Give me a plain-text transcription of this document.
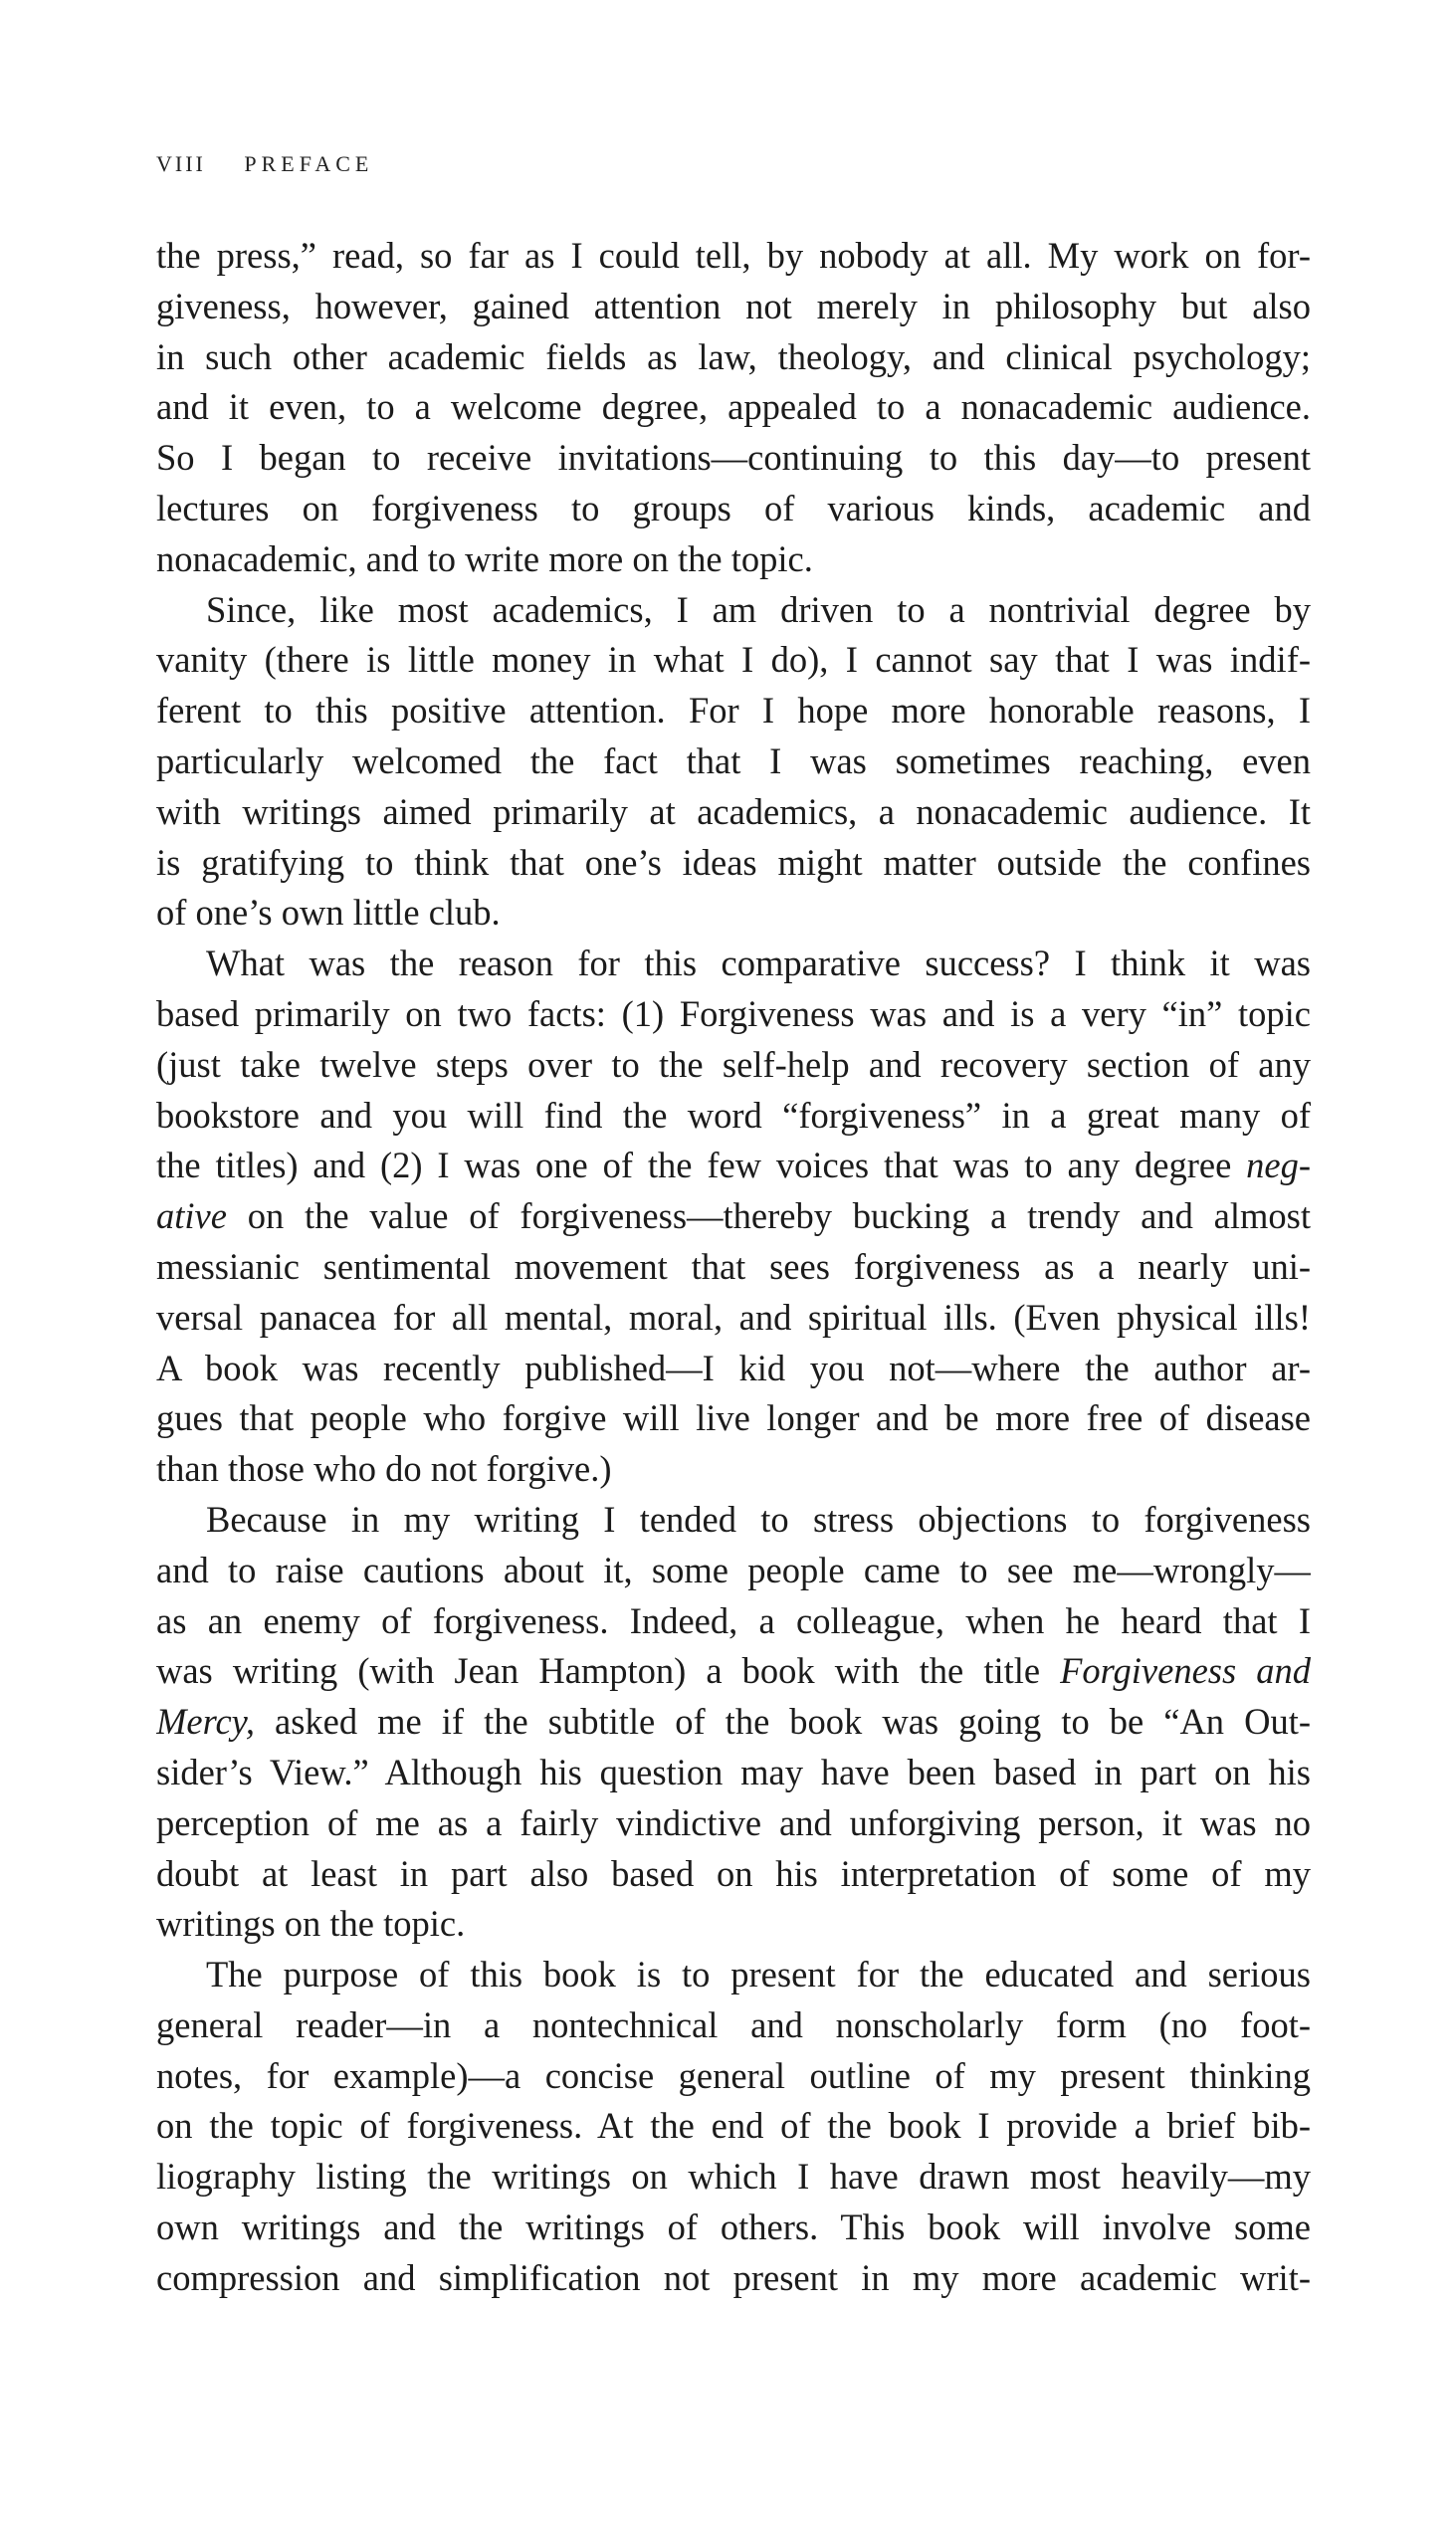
VIII PREFACE
the press,” read, so far as I could tell, by nobody at all. My work on for-
giveness, however, gained attention not merely in philosophy but also
in such other academic fields as law, theology, and clinical psychology;
and it even, to a welcome degree, appealed to a nonacademic audience.
So I began to receive invitations—continuing to this day—to present
lectures on forgiveness to groups of various kinds, academic and
nonacademic, and to write more on the topic.
Since, like most academics, I am driven to a nontrivial degree by
vanity (there is little money in what I do), I cannot say that I was indif-
ferent to this positive attention. For I hope more honorable reasons, I
particularly welcomed the fact that I was sometimes reaching, even
with writings aimed primarily at academics, a nonacademic audience. It
is gratifying to think that one’s ideas might matter outside the confines
of one’s own little club.
What was the reason for this comparative success? I think it was
based primarily on two facts: (1) Forgiveness was and is a very “in” topic
(just take twelve steps over to the self-help and recovery section of any
bookstore and you will find the word “forgiveness” in a great many of
the titles) and (2) I was one of the few voices that was to any degree neg-
ative on the value of forgiveness—thereby bucking a trendy and almost
messianic sentimental movement that sees forgiveness as a nearly uni-
versal panacea for all mental, moral, and spiritual ills. (Even physical ills!
A book was recently published—I kid you not—where the author ar-
gues that people who forgive will live longer and be more free of disease
than those who do not forgive.)
Because in my writing I tended to stress objections to forgiveness
and to raise cautions about it, some people came to see me—wrongly—
as an enemy of forgiveness. Indeed, a colleague, when he heard that I
was writing (with Jean Hampton) a book with the title Forgiveness and
Mercy, asked me if the subtitle of the book was going to be “An Out-
sider’s View.” Although his question may have been based in part on his
perception of me as a fairly vindictive and unforgiving person, it was no
doubt at least in part also based on his interpretation of some of my
writings on the topic.
The purpose of this book is to present for the educated and serious
general reader—in a nontechnical and nonscholarly form (no foot-
notes, for example)—a concise general outline of my present thinking
on the topic of forgiveness. At the end of the book I provide a brief bib-
liography listing the writings on which I have drawn most heavily—my
own writings and the writings of others. This book will involve some
compression and simplification not present in my more academic writ-
